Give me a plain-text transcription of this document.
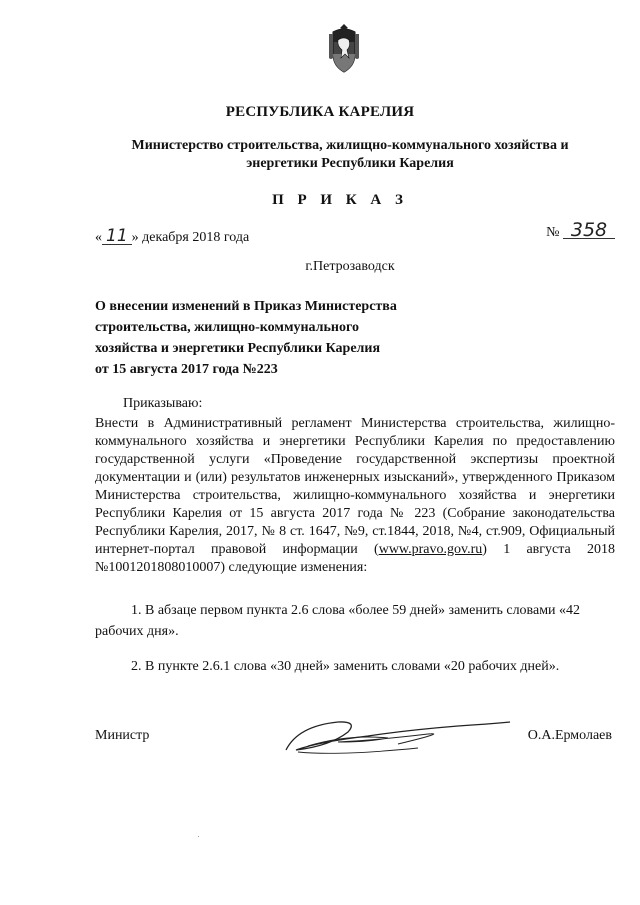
РЕСПУБЛИКА КАРЕЛИЯ
Министерство строительства, жилищно-коммунального хозяйства и
энергетики Республики Карелия
П Р И К А З
« 11 » декабря 2018 года	№ 358
г.Петрозаводск
О внесении изменений в Приказ Министерства
строительства, жилищно-коммунального
хозяйства и энергетики Республики Карелия
от 15 августа 2017 года №223

Приказываю:

Внести в Административный регламент Министерства строительства, жилищно-коммунального хозяйства и энергетики Республики Карелия по предоставлению государственной услуги «Проведение государственной экспертизы проектной документации и (или) результатов инженерных изысканий», утвержденного Приказом Министерства строительства, жилищно-коммунального хозяйства и энергетики Республики Карелия от 15 августа 2017 года № 223 (Собрание законодательства Республики Карелия, 2017, № 8 ст. 1647, №9, ст.1844, 2018, №4, ст.909, Официальный интернет-портал правовой информации (www.pravo.gov.ru) 1 августа 2018 №1001201808010007) следующие изменения:

1. В абзаце первом пункта 2.6 слова «более 59 дней» заменить словами «42 рабочих дня».
2. В пункте 2.6.1 слова «30 дней» заменить словами «20 рабочих дней».
Министр	О.А.Ермолаев
